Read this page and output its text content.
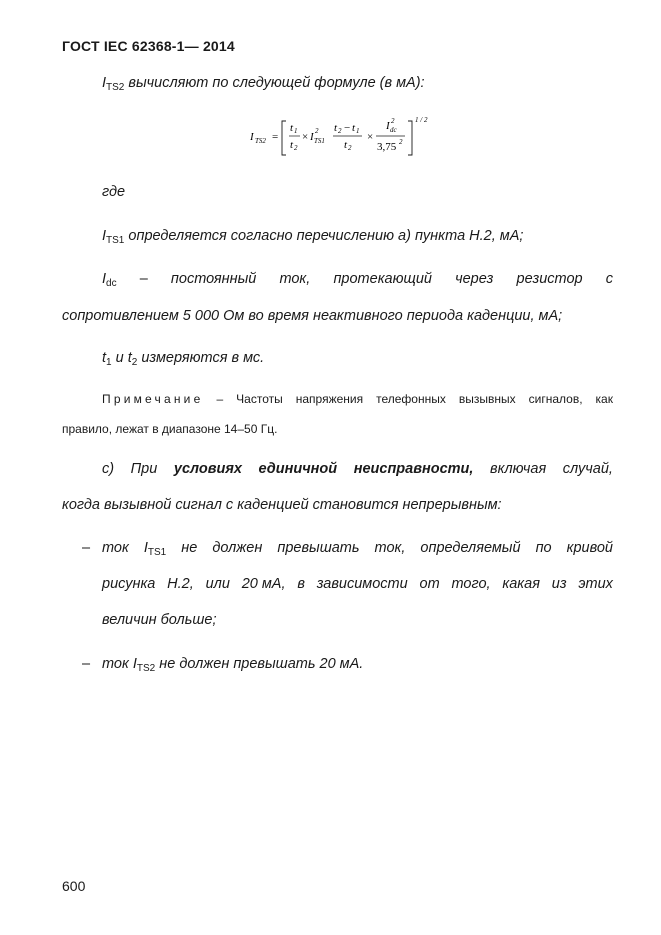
ГОСТ IEC 62368-1— 2014
$I_{TS2}$ вычисляют по следующей формуле (в мА):
I TS2 =
t 1
t 2
× I 2
TS1
t 2 − t 1
t 2
×
I 2
dc
3,75 2
1 / 2
где
$I_{TS1}$ определяется согласно перечислению а) пункта Н.2, мА;
$I_{dc}$ – постоянный ток, протекающий через резистор с
сопротивлением 5 000 Ом во время неактивного периода каденции, мА;
$t_1$ и $t_2$ измеряются в мс.
Примечание – Частоты напряжения телефонных вызывных сигналов, как
правило, лежат в диапазоне 14–50 Гц.
c) При условиях единичной неисправности, включая случай,
когда вызывной сигнал с каденцией становится непрерывным:
– ток $I_{TS1}$ не должен превышать ток, определяемый по кривой
рисунка Н.2, или 20 мА, в зависимости от того, какая из этих
величин больше;
– ток $I_{TS2}$ не должен превышать 20 мА.
600
